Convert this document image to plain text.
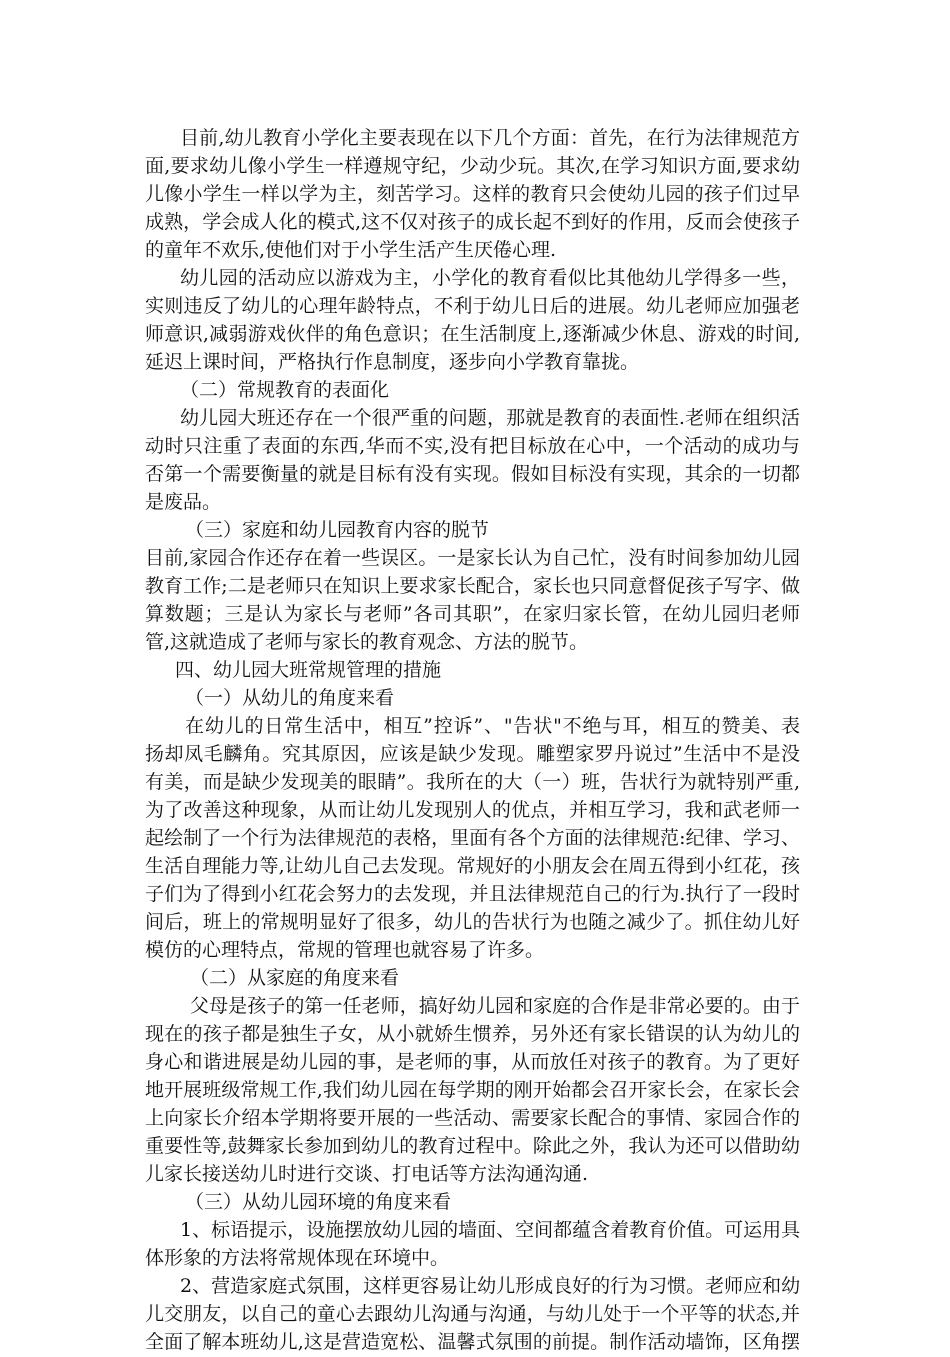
目前,幼儿教育小学化主要表现在以下几个方面：首先，在行为法律规范方
面,要求幼儿像小学生一样遵规守纪，少动少玩。其次,在学习知识方面,要求幼
儿像小学生一样以学为主，刻苦学习。这样的教育只会使幼儿园的孩子们过早
成熟，学会成人化的模式,这不仅对孩子的成长起不到好的作用，反而会使孩子
的童年不欢乐,使他们对于小学生活产生厌倦心理.
幼儿园的活动应以游戏为主，小学化的教育看似比其他幼儿学得多一些，
实则违反了幼儿的心理年龄特点，不利于幼儿日后的进展。幼儿老师应加强老
师意识,减弱游戏伙伴的角色意识；在生活制度上,逐渐减少休息、游戏的时间,
延迟上课时间，严格执行作息制度，逐步向小学教育靠拢。
（二）常规教育的表面化
幼儿园大班还存在一个很严重的问题，那就是教育的表面性.老师在组织活
动时只注重了表面的东西,华而不实,没有把目标放在心中，一个活动的成功与
否第一个需要衡量的就是目标有没有实现。假如目标没有实现，其余的一切都
是废品。
（三）家庭和幼儿园教育内容的脱节
目前,家园合作还存在着一些误区。一是家长认为自己忙，没有时间参加幼儿园
教育工作;二是老师只在知识上要求家长配合，家长也只同意督促孩子写字、做
算数题；三是认为家长与老师”各司其职”，在家归家长管，在幼儿园归老师
管,这就造成了老师与家长的教育观念、方法的脱节。
四、幼儿园大班常规管理的措施
（一）从幼儿的角度来看
在幼儿的日常生活中，相互”控诉”、"告状"不绝与耳，相互的赞美、表
扬却凤毛麟角。究其原因，应该是缺少发现。雕塑家罗丹说过”生活中不是没
有美，而是缺少发现美的眼睛”。我所在的大（一）班，告状行为就特别严重,
为了改善这种现象，从而让幼儿发现别人的优点，并相互学习，我和武老师一
起绘制了一个行为法律规范的表格，里面有各个方面的法律规范:纪律、学习、
生活自理能力等,让幼儿自己去发现。常规好的小朋友会在周五得到小红花，孩
子们为了得到小红花会努力的去发现，并且法律规范自己的行为.执行了一段时
间后，班上的常规明显好了很多，幼儿的告状行为也随之减少了。抓住幼儿好
模仿的心理特点，常规的管理也就容易了许多。
（二）从家庭的角度来看
父母是孩子的第一任老师，搞好幼儿园和家庭的合作是非常必要的。由于
现在的孩子都是独生子女，从小就娇生惯养，另外还有家长错误的认为幼儿的
身心和谐进展是幼儿园的事，是老师的事，从而放任对孩子的教育。为了更好
地开展班级常规工作,我们幼儿园在每学期的刚开始都会召开家长会，在家长会
上向家长介绍本学期将要开展的一些活动、需要家长配合的事情、家园合作的
重要性等,鼓舞家长参加到幼儿的教育过程中。除此之外，我认为还可以借助幼
儿家长接送幼儿时进行交谈、打电话等方法沟通沟通.
（三）从幼儿园环境的角度来看
1、标语提示，设施摆放幼儿园的墙面、空间都蕴含着教育价值。可运用具
体形象的方法将常规体现在环境中。
2、营造家庭式氛围，这样更容易让幼儿形成良好的行为习惯。老师应和幼
儿交朋友，以自己的童心去跟幼儿沟通与沟通，与幼儿处于一个平等的状态,并
全面了解本班幼儿,这是营造宽松、温馨式氛围的前提。制作活动墙饰，区角摆
